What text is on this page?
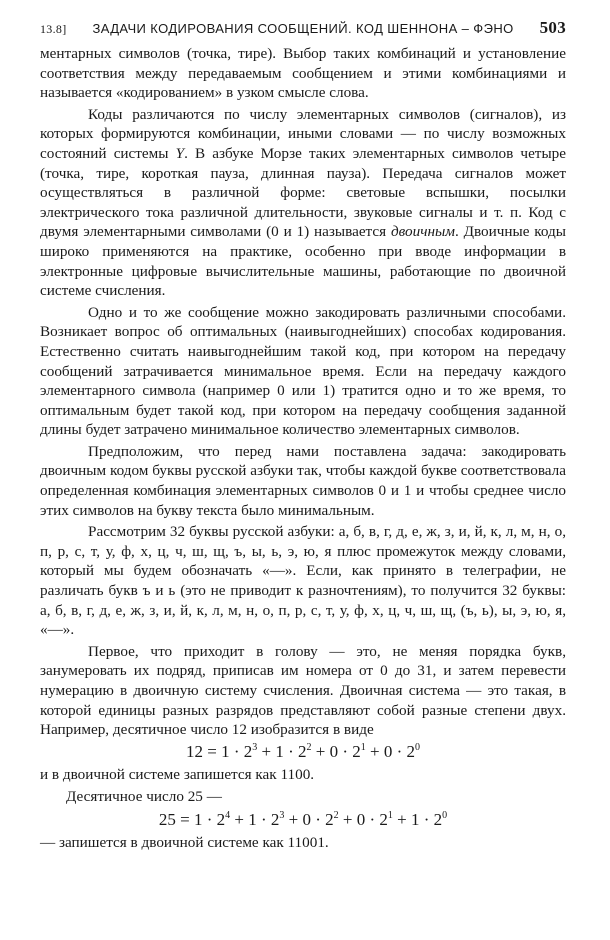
13.8]	ЗАДАЧИ КОДИРОВАНИЯ СООБЩЕНИЙ. КОД ШЕННОНА – ФЭНО	503

ментарных символов (точка, тире). Выбор таких комбинаций и установление соответствия между передаваемым сообщением и этими комбинациями и называется «кодированием» в узком смысле слова.

Коды различаются по числу элементарных символов (сигналов), из которых формируются комбинации, иными словами — по числу возможных состояний системы Y. В азбуке Морзе таких элементарных символов четыре (точка, тире, короткая пауза, длинная пауза). Передача сигналов может осуществляться в различной форме: световые вспышки, посылки электрического тока различной длительности, звуковые сигналы и т. п. Код с двумя элементарными символами (0 и 1) называется двоичным. Двоичные коды широко применяются на практике, особенно при вводе информации в электронные цифровые вычислительные машины, работающие по двоичной системе счисления.

Одно и то же сообщение можно закодировать различными способами. Возникает вопрос об оптимальных (наивыгоднейших) способах кодирования. Естественно считать наивыгоднейшим такой код, при котором на передачу сообщений затрачивается минимальное время. Если на передачу каждого элементарного символа (например 0 или 1) тратится одно и то же время, то оптимальным будет такой код, при котором на передачу сообщения заданной длины будет затрачено минимальное количество элементарных символов.

Предположим, что перед нами поставлена задача: закодировать двоичным кодом буквы русской азбуки так, чтобы каждой букве соответствовала определенная комбинация элементарных символов 0 и 1 и чтобы среднее число этих символов на букву текста было минимальным.

Рассмотрим 32 буквы русской азбуки: а, б, в, г, д, е, ж, з, и, й, к, л, м, н, о, п, р, с, т, у, ф, х, ц, ч, ш, щ, ъ, ы, ь, э, ю, я плюс промежуток между словами, который мы будем обозначать «—». Если, как принято в телеграфии, не различать букв ъ и ь (это не приводит к разночтениям), то получится 32 буквы: а, б, в, г, д, е, ж, з, и, й, к, л, м, н, о, п, р, с, т, у, ф, х, ц, ч, ш, щ, (ъ, ь), ы, э, ю, я, «—».

Первое, что приходит в голову — это, не меняя порядка букв, занумеровать их подряд, приписав им номера от 0 до 31, и затем перевести нумерацию в двоичную систему счисления. Двоичная система — это такая, в которой единицы разных разрядов представляют собой разные степени двух. Например, десятичное число 12 изобразится в виде

$12 = 1 \cdot 2^3 + 1 \cdot 2^2 + 0 \cdot 2^1 + 0 \cdot 2^0$

и в двоичной системе запишется как 1100.

Десятичное число 25 —

$25 = 1 \cdot 2^4 + 1 \cdot 2^3 + 0 \cdot 2^2 + 0 \cdot 2^1 + 1 \cdot 2^0$

— запишется в двоичной системе как 11001.
